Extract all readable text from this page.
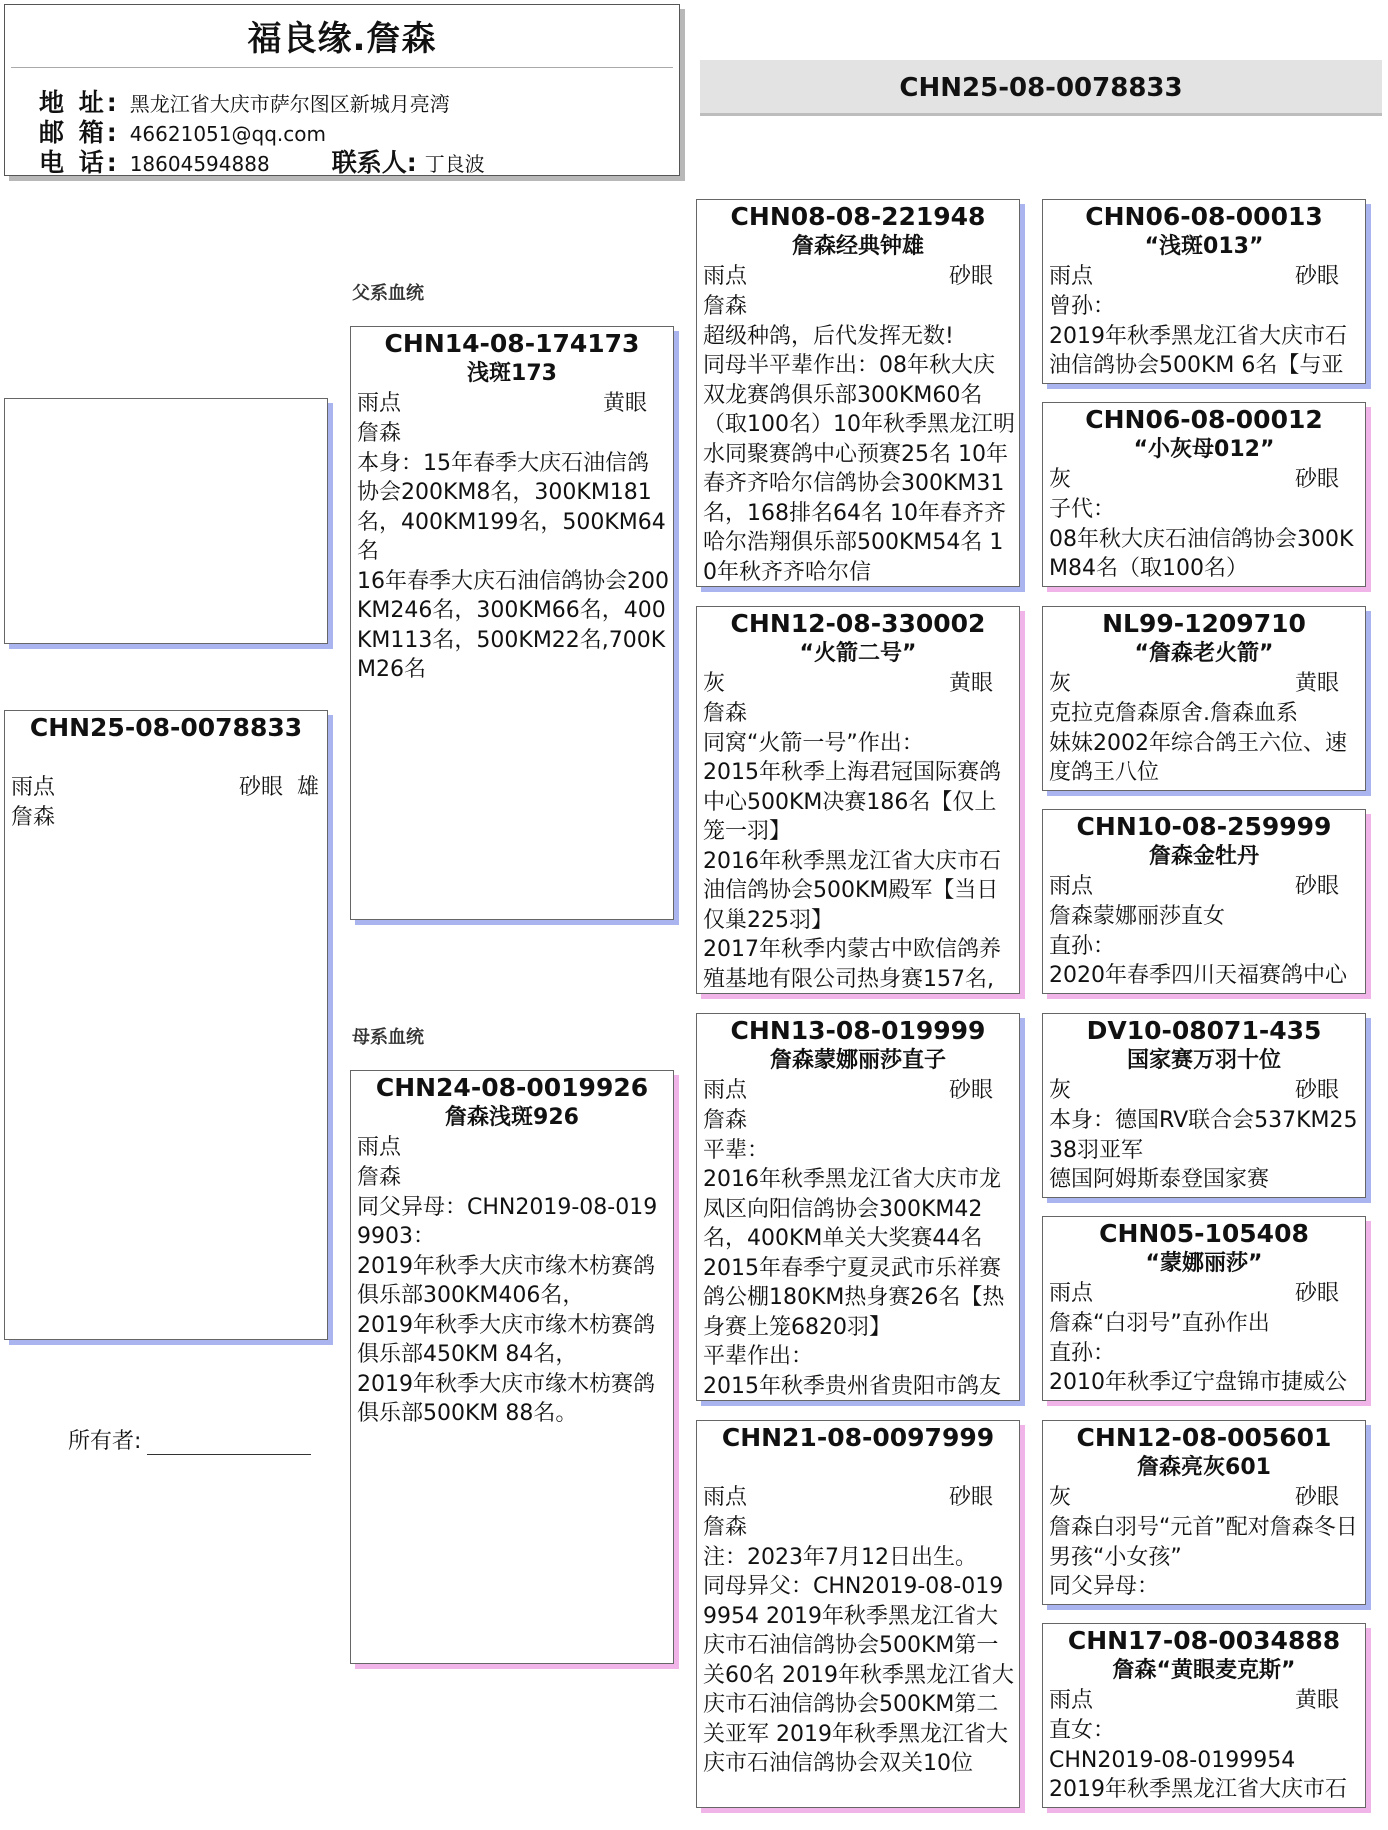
福良缘.詹森
地 址: 黑龙江省大庆市萨尔图区新城月亮湾
邮 箱: 46621051@qq.com
电 话: 18604594888 联系人: 丁良波
CHN25-08-0078833
父系血统
母系血统
CHN25-08-0078833
雨点	砂眼 雄
詹森
所有者:
CHN14-08-174173
浅斑173
雨点	黄眼
詹森
本身：15年春季大庆石油信鸽协会200KM8名，300KM181名，400KM199名，500KM64名
16年春季大庆石油信鸽协会200KM246名，300KM66名，400KM113名，500KM22名,700KM26名
CHN24-08-0019926
詹森浅斑926
雨点
詹森
同父异母：CHN2019-08-0199903：
2019年秋季大庆市缘木枋赛鸽俱乐部300KM406名，
2019年秋季大庆市缘木枋赛鸽俱乐部450KM 84名，
2019年秋季大庆市缘木枋赛鸽俱乐部500KM 88名。
CHN08-08-221948
詹森经典钟雄
雨点	砂眼
詹森
超级种鸽，后代发挥无数!
同母半平辈作出：08年秋大庆双龙赛鸽俱乐部300KM60名（取100名）10年秋季黑龙江明水同聚赛鸽中心预赛25名 10年春齐齐哈尔信鸽协会300KM31名，168排名64名 10年春齐齐哈尔浩翔俱乐部500KM54名 10年秋齐齐哈尔信
CHN12-08-330002
“火箭二号”
灰	黄眼
詹森
同窝“火箭一号”作出：
2015年秋季上海君冠国际赛鸽中心500KM决赛186名【仅上笼一羽】
2016年秋季黑龙江省大庆市石油信鸽协会500KM殿军【当日仅巢225羽】
2017年秋季内蒙古中欧信鸽养殖基地有限公司热身赛157名,
CHN13-08-019999
詹森蒙娜丽莎直子
雨点	砂眼
詹森
平辈：
2016年秋季黑龙江省大庆市龙凤区向阳信鸽协会300KM42名，400KM单关大奖赛44名
2015年春季宁夏灵武市乐祥赛鸽公棚180KM热身赛26名【热身赛上笼6820羽】
平辈作出：
2015年秋季贵州省贵阳市鸽友
CHN21-08-0097999
雨点	砂眼
詹森
注：2023年7月12日出生。
同母异父：CHN2019-08-0199954 2019年秋季黑龙江省大庆市石油信鸽协会500KM第一关60名 2019年秋季黑龙江省大庆市石油信鸽协会500KM第二关亚军 2019年秋季黑龙江省大庆市石油信鸽协会双关10位
CHN06-08-00013
“浅斑013”
雨点	砂眼
曾孙：
2019年秋季黑龙江省大庆市石油信鸽协会500KM 6名【与亚
CHN06-08-00012
“小灰母012”
灰	砂眼
子代：
08年秋大庆石油信鸽协会300KM84名（取100名）
NL99-1209710
“詹森老火箭”
灰	黄眼
克拉克詹森原舍.詹森血系
妹妹2002年综合鸽王六位、速度鸽王八位
CHN10-08-259999
詹森金牡丹
雨点	砂眼
詹森蒙娜丽莎直女
直孙：
2020年春季四川天福赛鸽中心
DV10-08071-435
国家赛万羽十位
灰	砂眼
本身：德国RV联合会537KM2538羽亚军
德国阿姆斯泰登国家赛
CHN05-105408
“蒙娜丽莎”
雨点	砂眼
詹森“白羽号”直孙作出
直孙：
2010年秋季辽宁盘锦市捷威公
CHN12-08-005601
詹森亮灰601
灰	砂眼
詹森白羽号“元首”配对詹森冬日男孩“小女孩”
同父异母：
CHN17-08-0034888
詹森“黄眼麦克斯”
雨点	黄眼
直女：
CHN2019-08-0199954
2019年秋季黑龙江省大庆市石
